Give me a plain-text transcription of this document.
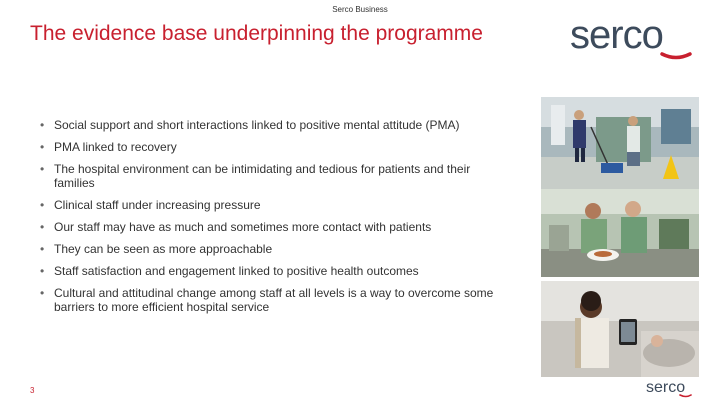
Serco Business
The evidence base underpinning the programme serco
• Social support and short interactions linked to positive mental attitude (PMA)
• PMA linked to recovery
• The hospital environment can be intimidating and tedious for patients and their families
• Clinical staff under increasing pressure
• Our staff may have as much and sometimes more contact with patients
• They can be seen as more approachable
• Staff satisfaction and engagement linked to positive health outcomes
• Cultural and attitudinal change among staff at all levels is a way to overcome some barriers to more efficient hospital service
3	serco
